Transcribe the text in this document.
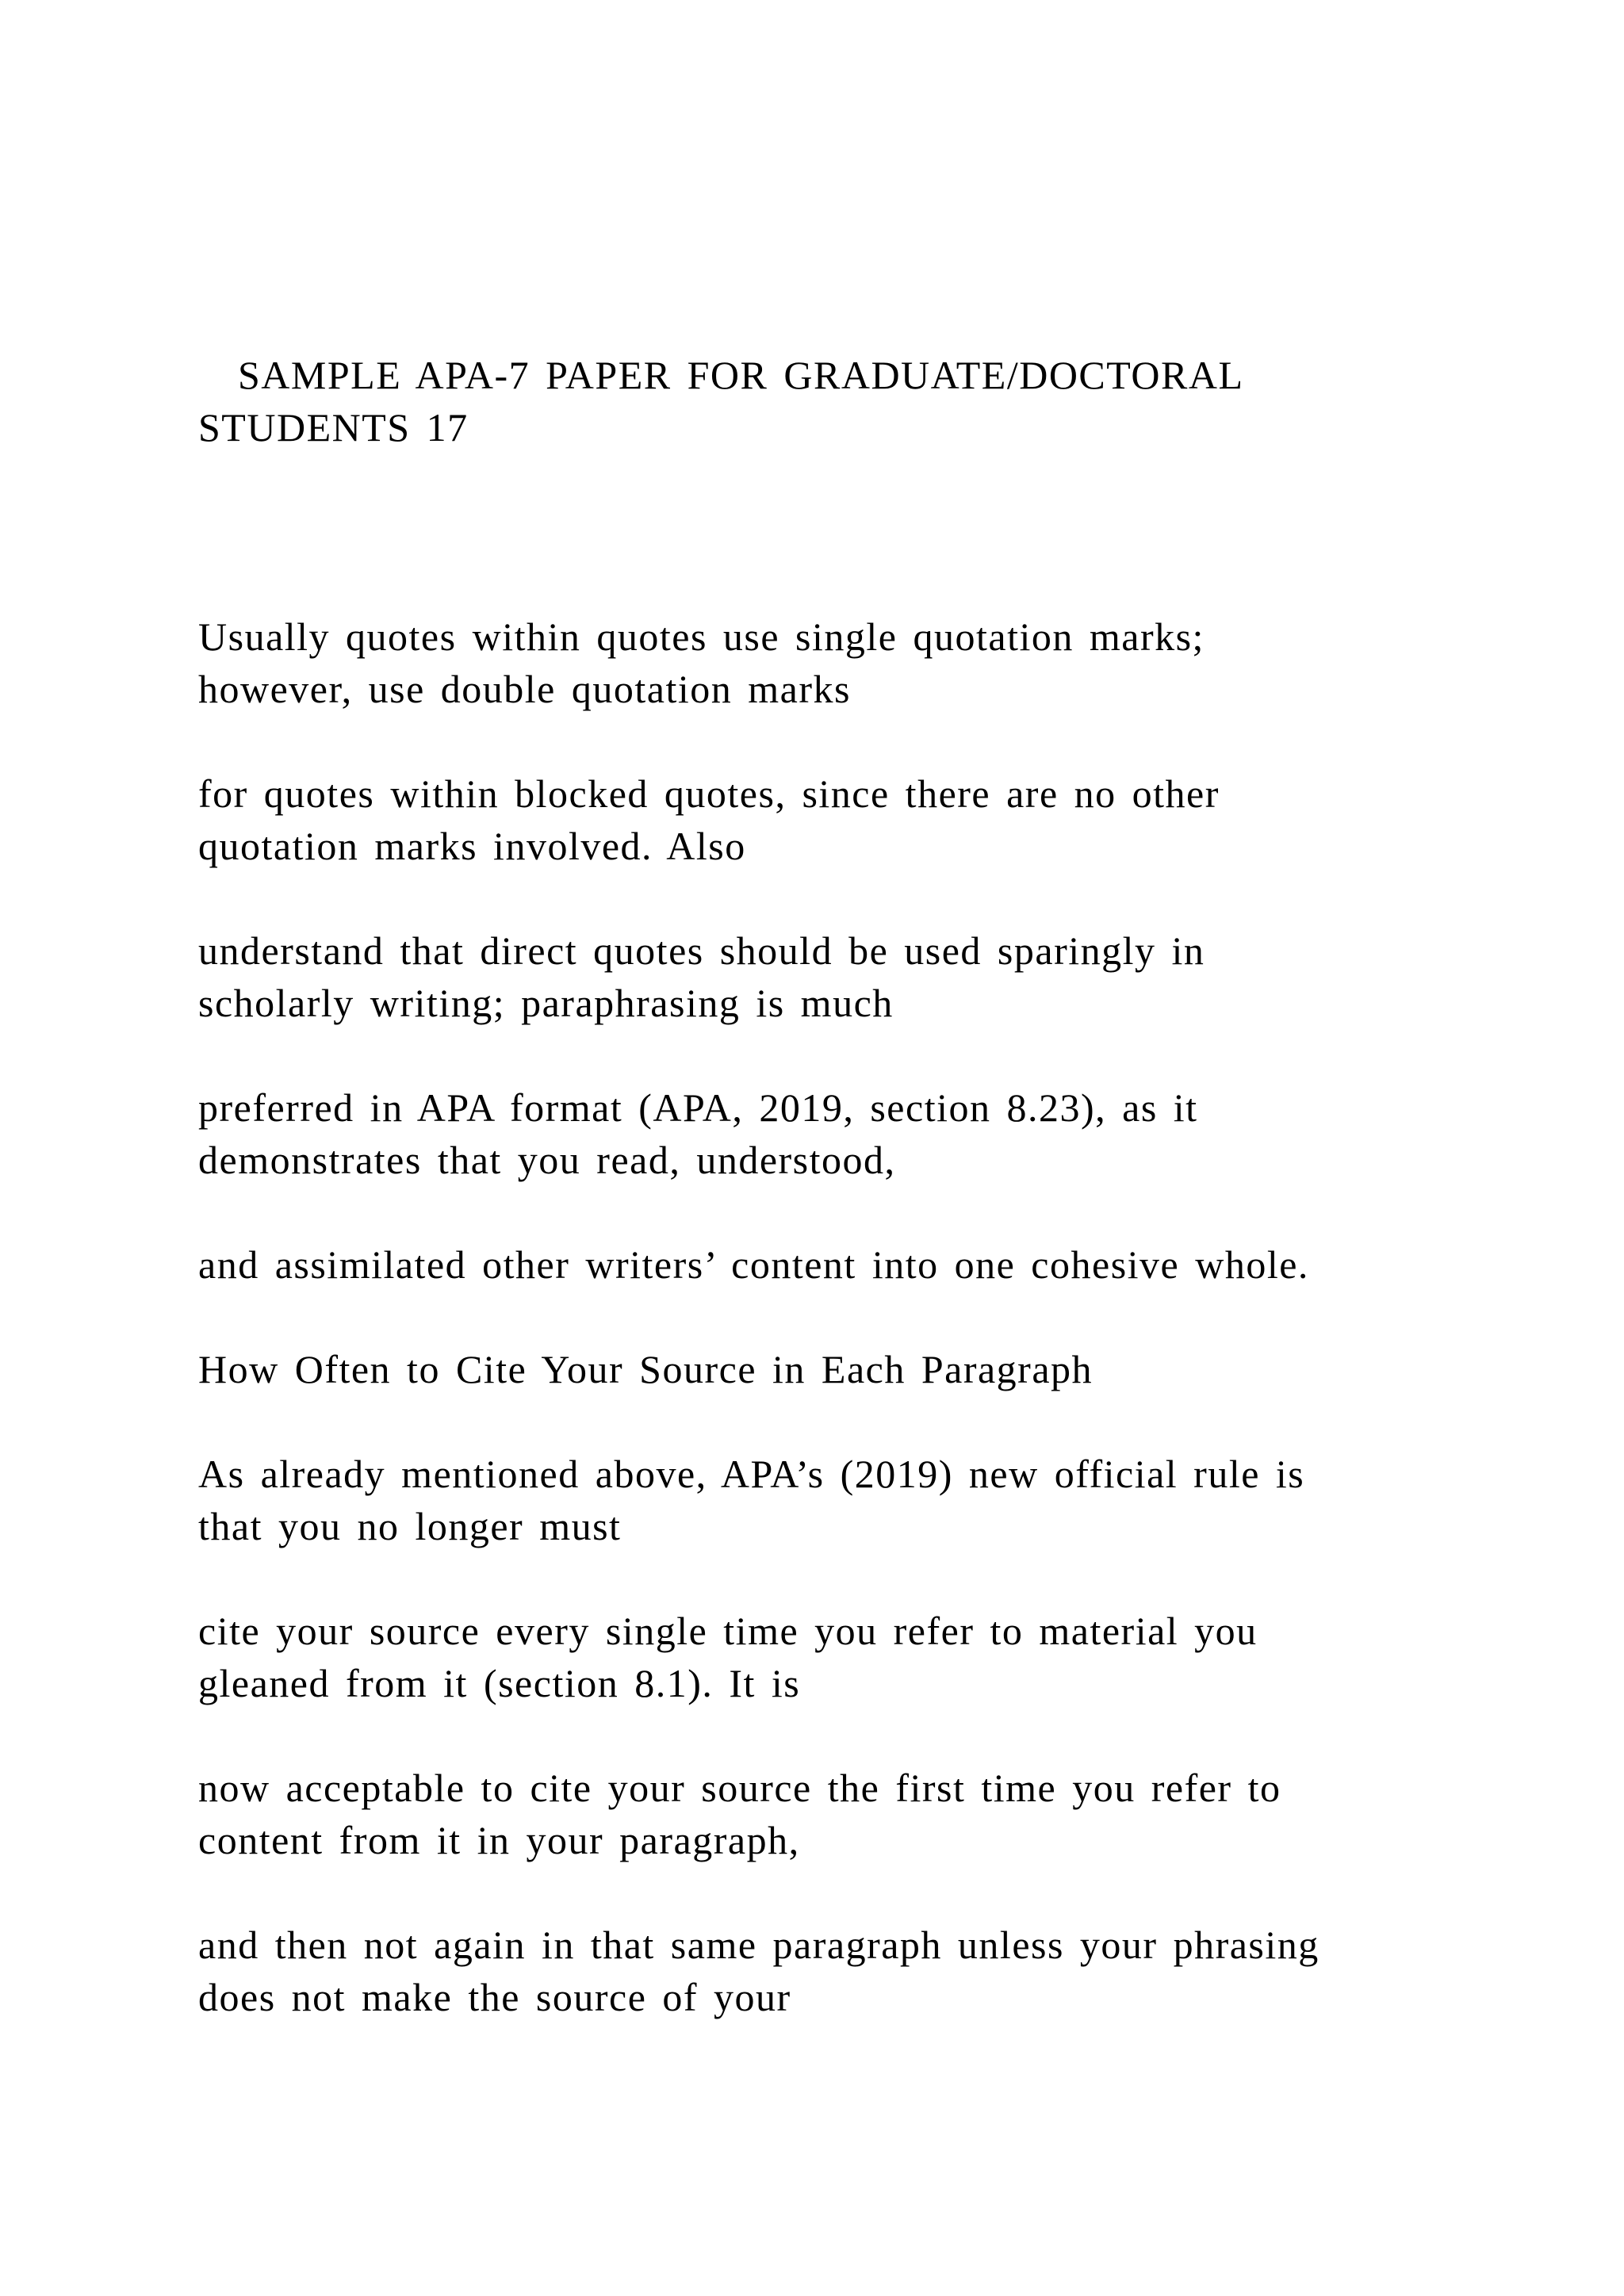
SAMPLE APA-7 PAPER FOR GRADUATE/DOCTORAL
STUDENTS 17

Usually quotes within quotes use single quotation marks;
however, use double quotation marks

for quotes within blocked quotes, since there are no other
quotation marks involved. Also

understand that direct quotes should be used sparingly in
scholarly writing; paraphrasing is much

preferred in APA format (APA, 2019, section 8.23), as it
demonstrates that you read, understood,

and assimilated other writers’ content into one cohesive whole.

How Often to Cite Your Source in Each Paragraph

As already mentioned above, APA’s (2019) new official rule is
that you no longer must

cite your source every single time you refer to material you
gleaned from it (section 8.1). It is

now acceptable to cite your source the first time you refer to
content from it in your paragraph,

and then not again in that same paragraph unless your phrasing
does not make the source of your
